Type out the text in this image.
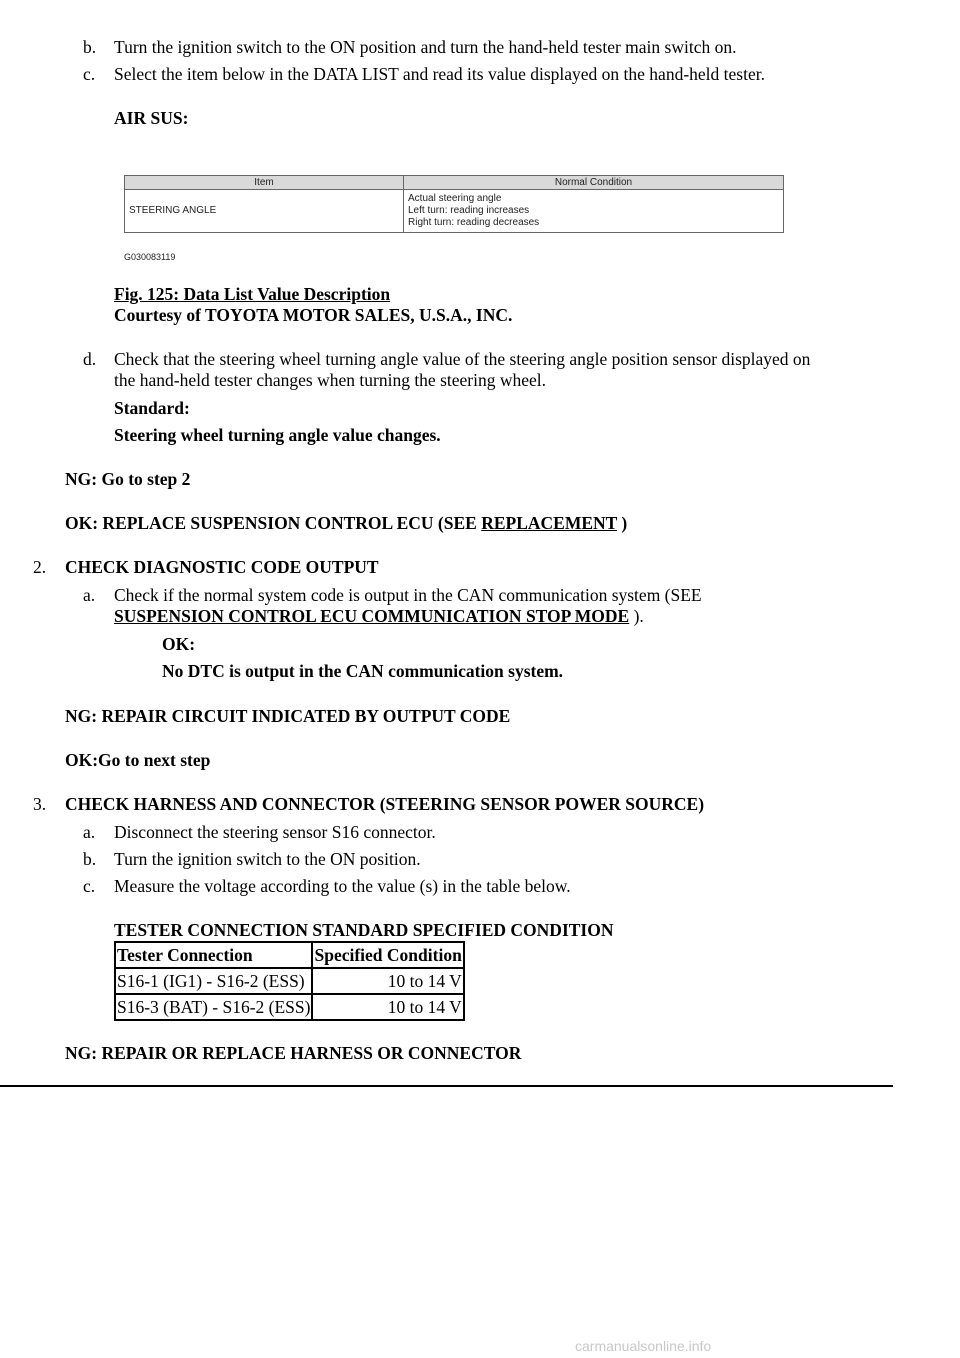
b. Turn the ignition switch to the ON position and turn the hand-held tester main switch on.
c. Select the item below in the DATA LIST and read its value displayed on the hand-held tester.
AIR SUS:
Item	Normal Condition
STEERING ANGLE	Actual steering angle
Left turn: reading increases
Right turn: reading decreases
G030083119
Fig. 125: Data List Value Description
Courtesy of TOYOTA MOTOR SALES, U.S.A., INC.
d. Check that the steering wheel turning angle value of the steering angle position sensor displayed on
the hand-held tester changes when turning the steering wheel.
Standard:
Steering wheel turning angle value changes.
NG: Go to step 2
OK: REPLACE SUSPENSION CONTROL ECU (SEE REPLACEMENT )
2. CHECK DIAGNOSTIC CODE OUTPUT
a. Check if the normal system code is output in the CAN communication system (SEE
SUSPENSION CONTROL ECU COMMUNICATION STOP MODE ).
OK:
No DTC is output in the CAN communication system.
NG: REPAIR CIRCUIT INDICATED BY OUTPUT CODE
OK:Go to next step
3. CHECK HARNESS AND CONNECTOR (STEERING SENSOR POWER SOURCE)
a. Disconnect the steering sensor S16 connector.
b. Turn the ignition switch to the ON position.
c. Measure the voltage according to the value (s) in the table below.
TESTER CONNECTION STANDARD SPECIFIED CONDITION
Tester Connection	Specified Condition
S16-1 (IG1) - S16-2 (ESS)	10 to 14 V
S16-3 (BAT) - S16-2 (ESS)	10 to 14 V
NG: REPAIR OR REPLACE HARNESS OR CONNECTOR
carmanualsonline.info
